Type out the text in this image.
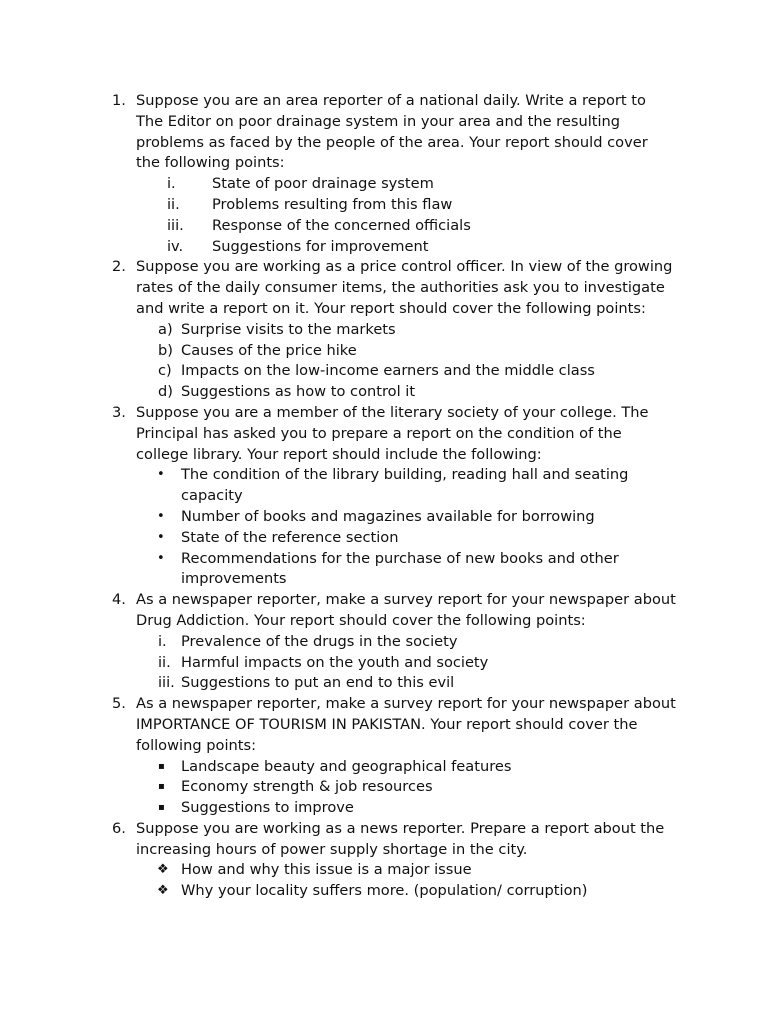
1. Suppose you are an area reporter of a national daily. Write a report to The Editor on poor drainage system in your area and the resulting problems as faced by the people of the area. Your report should cover the following points:
i. State of poor drainage system
ii. Problems resulting from this flaw
iii. Response of the concerned officials
iv. Suggestions for improvement
2. Suppose you are working as a price control officer. In view of the growing rates of the daily consumer items, the authorities ask you to investigate and write a report on it. Your report should cover the following points:
a) Surprise visits to the markets
b) Causes of the price hike
c) Impacts on the low-income earners and the middle class
d) Suggestions as how to control it
3. Suppose you are a member of the literary society of your college. The Principal has asked you to prepare a report on the condition of the college library. Your report should include the following:
• The condition of the library building, reading hall and seating capacity
• Number of books and magazines available for borrowing
• State of the reference section
• Recommendations for the purchase of new books and other improvements
4. As a newspaper reporter, make a survey report for your newspaper about Drug Addiction. Your report should cover the following points:
i. Prevalence of the drugs in the society
ii. Harmful impacts on the youth and society
iii. Suggestions to put an end to this evil
5. As a newspaper reporter, make a survey report for your newspaper about IMPORTANCE OF TOURISM IN PAKISTAN. Your report should cover the following points:
▪ Landscape beauty and geographical features
▪ Economy strength & job resources
▪ Suggestions to improve
6. Suppose you are working as a news reporter. Prepare a report about the increasing hours of power supply shortage in the city.
❖ How and why this issue is a major issue
❖ Why your locality suffers more. (population/ corruption)
